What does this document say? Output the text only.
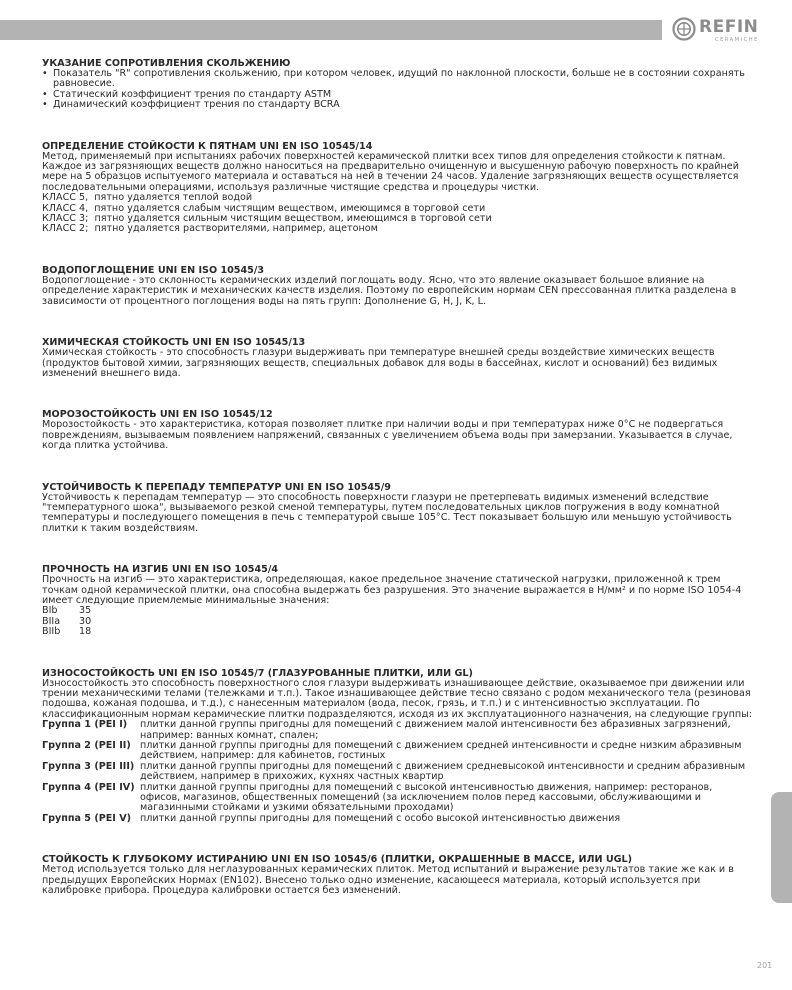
REFIN
CERAMICHE
УКАЗАНИЕ СОПРОТИВЛЕНИЯ СКОЛЬЖЕНИЮ
• Показатель "R" сопротивления скольжению, при котором человек, идущий по наклонной плоскости, больше не в состоянии сохранять равновесие.
• Статический коэффициент трения по стандарту ASTM
• Динамический коэффициент трения по стандарту BCRA
ОПРЕДЕЛЕНИЕ СТОЙКОСТИ К ПЯТНАМ UNI EN ISO 10545/14

Метод, применяемый при испытаниях рабочих поверхностей керамической плитки всех типов для определения стойкости к пятнам. Каждое из загрязняющих веществ должно наноситься на предварительно очищенную и высушенную рабочую поверхность по крайней мере на 5 образцов испытуемого материала и оставаться на ней в течении 24 часов. Удаление загрязняющих веществ осуществляется последовательными операциями, используя различные чистящие средства и процедуры чистки.

КЛАСС 5,  пятно удаляется теплой водой
КЛАСС 4,  пятно удаляется слабым чистящим веществом, имеющимся в торговой сети
КЛАСС 3;  пятно удаляется сильным чистящим веществом, имеющимся в торговой сети
КЛАСС 2;  пятно удаляется растворителями, например, ацетоном
ВОДОПОГЛОЩЕНИЕ UNI EN ISO 10545/3

Водопоглощение - это склонность керамических изделий поглощать воду. Ясно, что это явление оказывает большое влияние на определение характеристик и механических качеств изделия. Поэтому по европейским нормам CEN прессованная плитка разделена в зависимости от процентного поглощения воды на пять групп: Дополнение G, H, J, K, L.

ХИМИЧЕСКАЯ СТОЙКОСТЬ UNI EN ISO 10545/13

Химическая стойкость - это способность глазури выдерживать при температуре внешней среды воздействие химических веществ (продуктов бытовой химии, загрязняющих веществ, специальных добавок для воды в бассейнах, кислот и оснований) без видимых изменений внешнего вида.

МОРОЗОСТОЙКОСТЬ UNI EN ISO 10545/12

Морозостойкость - это характеристика, которая позволяет плитке при наличии воды и при температурах ниже 0°С не подвергаться повреждениям, вызываемым появлением напряжений, связанных с увеличением объема воды при замерзании. Указывается в случае, когда плитка устойчива.

УСТОЙЧИВОСТЬ К ПЕРЕПАДУ ТЕМПЕРАТУР UNI EN ISO 10545/9

Устойчивость к перепадам температур — это способность поверхности глазури не претерпевать видимых изменений вследствие "температурного шока", вызываемого резкой сменой температуры, путем последовательных циклов погружения в воду комнатной температуры и последующего помещения в печь с температурой свыше 105°С. Тест показывает большую или меньшую устойчивость плитки к таким воздействиям.

ПРОЧНОСТЬ НА ИЗГИБ UNI EN ISO 10545/4

Прочность на изгиб — это характеристика, определяющая, какое предельное значение статической нагрузки, приложенной к трем точкам одной керамической плитки, она способна выдержать без разрушения. Это значение выражается в Н/мм² и по норме ISO 1054-4 имеет следующие приемлемые минимальные значения:

BIb 35
BIIa 30
BIIb 18
ИЗНОСОСТОЙКОСТЬ UNI EN ISO 10545/7 (ГЛАЗУРОВАННЫЕ ПЛИТКИ, ИЛИ GL)

Износостойкость это способность поверхностного слоя глазури выдерживать изнашивающее действие, оказываемое при движении или трении механическими телами (тележками и т.п.). Такое изнашивающее действие тесно связано с родом механического тела (резиновая подошва, кожаная подошва, и т.д.), с нанесенным материалом (вода, песок, грязь, и т.п.) и с интенсивностью эксплуатации. По классификационным нормам керамические плитки подразделяются, исходя из их эксплуатационного назначения, на следующие группы:

Группа 1 (PEI I)	плитки данной группы пригодны для помещений с движением малой интенсивности без абразивных загрязнений, например: ванных комнат, спален;
Группа 2 (PEI II) плитки данной группы пригодны для помещений с движением средней интенсивности и средне низким абразивным действием, например: для кабинетов, гостиных
Группа 3 (PEI III) плитки данной группы пригодны для помещений с движением средневысокой интенсивности и средним абразивным действием, например в прихожих, кухнях частных квартир
Группа 4 (PEI IV) плитки данной группы пригодны для помещений с высокой интенсивностью движения, например: ресторанов, офисов, магазинов, общественных помещений (за исключением полов перед кассовыми, обслуживающими и магазинными стойками и узкими обязательными проходами)
Группа 5 (PEI V) плитки данной группы пригодны для помещений с особо высокой интенсивностью движения
СТОЙКОСТЬ К ГЛУБОКОМУ ИСТИРАНИЮ UNI EN ISO 10545/6 (ПЛИТКИ, ОКРАШЕННЫЕ В МАССЕ, ИЛИ UGL)

Метод используется только для неглазурованных керамических плиток. Метод испытаний и выражение результатов такие же как и в предыдущих Европейских Нормах (EN102). Внесено только одно изменение, касающееся материала, который используется при калибровке прибора. Процедура калибровки остается без изменений.

201
